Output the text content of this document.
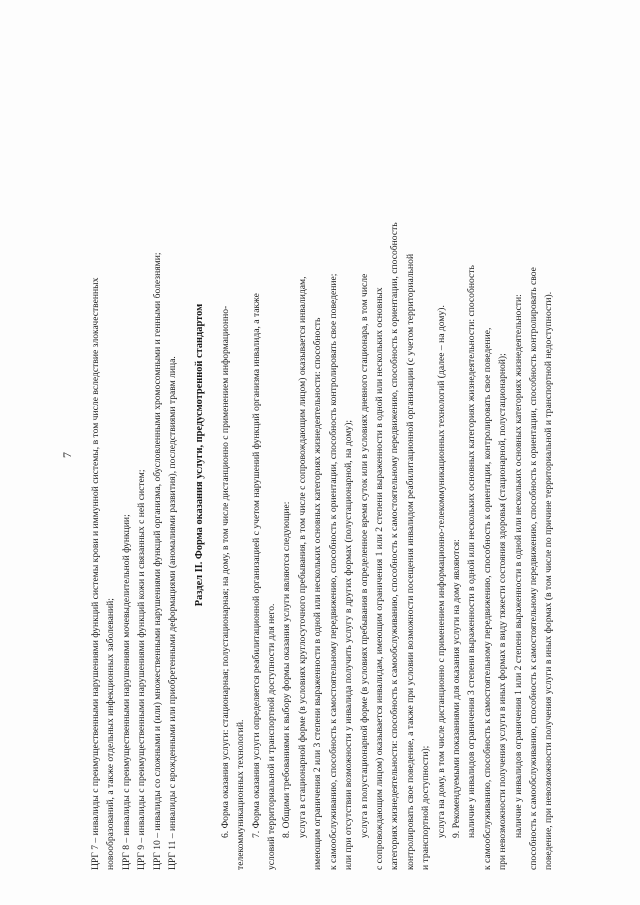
7 ЦРГ 7 – инвалиды с преимущественными нарушениями функций системы крови и иммунной системы, в том числе вследствие злокачественных новообразований, а также отдельных инфекционных заболеваний; ЦРГ 8 – инвалиды с преимущественными нарушениями мочевыделительной функции; ЦРГ 9 – инвалиды с преимущественными нарушениями функций кожи и связанных с ней систем; ЦРГ 10 – инвалиды со сложными и (или) множественными нарушениями функций организма, обусловленными хромосомными и генными болезнями; ЦРГ 11 – инвалиды с врожденными или приобретенными деформациями (аномалиями развития), последствиями травм лица. Раздел II. Форма оказания услуги, предусмотренной стандартом 6. Форма оказания услуги: стационарная; полустационарная; на дому, в том числе дистанционно с применением информационно- телекоммуникационных технологий. 7. Форма оказания услуги определяется реабилитационной организацией с учетом нарушений функций организма инвалида, а также условий территориальной и транспортной доступности для него. 8. Общими требованиями к выбору формы оказания услуги являются следующие: услуга в стационарной форме (в условиях круглосуточного пребывания, в том числе с сопровождающим лицом) оказывается инвалидам, имеющим ограничения 2 или 3 степени выраженности в одной или нескольких основных категориях жизнедеятельности: способность к самообслуживанию, способность к самостоятельному передвижению, способность к ориентации, способность контролировать свое поведение; или при отсутствии возможности у инвалида получить услугу в других формах (полустационарной, на дому); услуга в полустационарной форме (в условиях пребывания в определенное время суток или в условиях дневного стационара, в том числе с сопровождающим лицом) оказывается инвалидам, имеющим ограничения 1 или 2 степени выраженности в одной или нескольких основных категориях жизнедеятельности: способность к самообслуживанию, способность к самостоятельному передвижению, способность к ориентации, способность контролировать свое поведение, а также при условии возможности посещения инвалидом реабилитационной организации (с учетом территориальной и транспортной доступности); услуга на дому, в том числе дистанционно с применением информационно-телекоммуникационных технологий (далее – на дому). 9. Рекомендуемыми показаниями для оказания услуги на дому являются: наличие у инвалидов ограничения 3 степени выраженности в одной или нескольких основных категориях жизнедеятельности: способность к самообслуживанию, способность к самостоятельному передвижению, способность к ориентации, контролировать свое поведение, при невозможности получения услуги в иных формах в виду тяжести состояния здоровья (стационарной, полустационарной); наличие у инвалидов ограничения 1 или 2 степени выраженности в одной или нескольких основных категориях жизнедеятельности: способность к самообслуживанию, способность к самостоятельному передвижению, способность к ориентации, способность контролировать свое поведение, при невозможности получения услуги в иных формах (в том числе по причине территориальной и транспортной недоступности).
